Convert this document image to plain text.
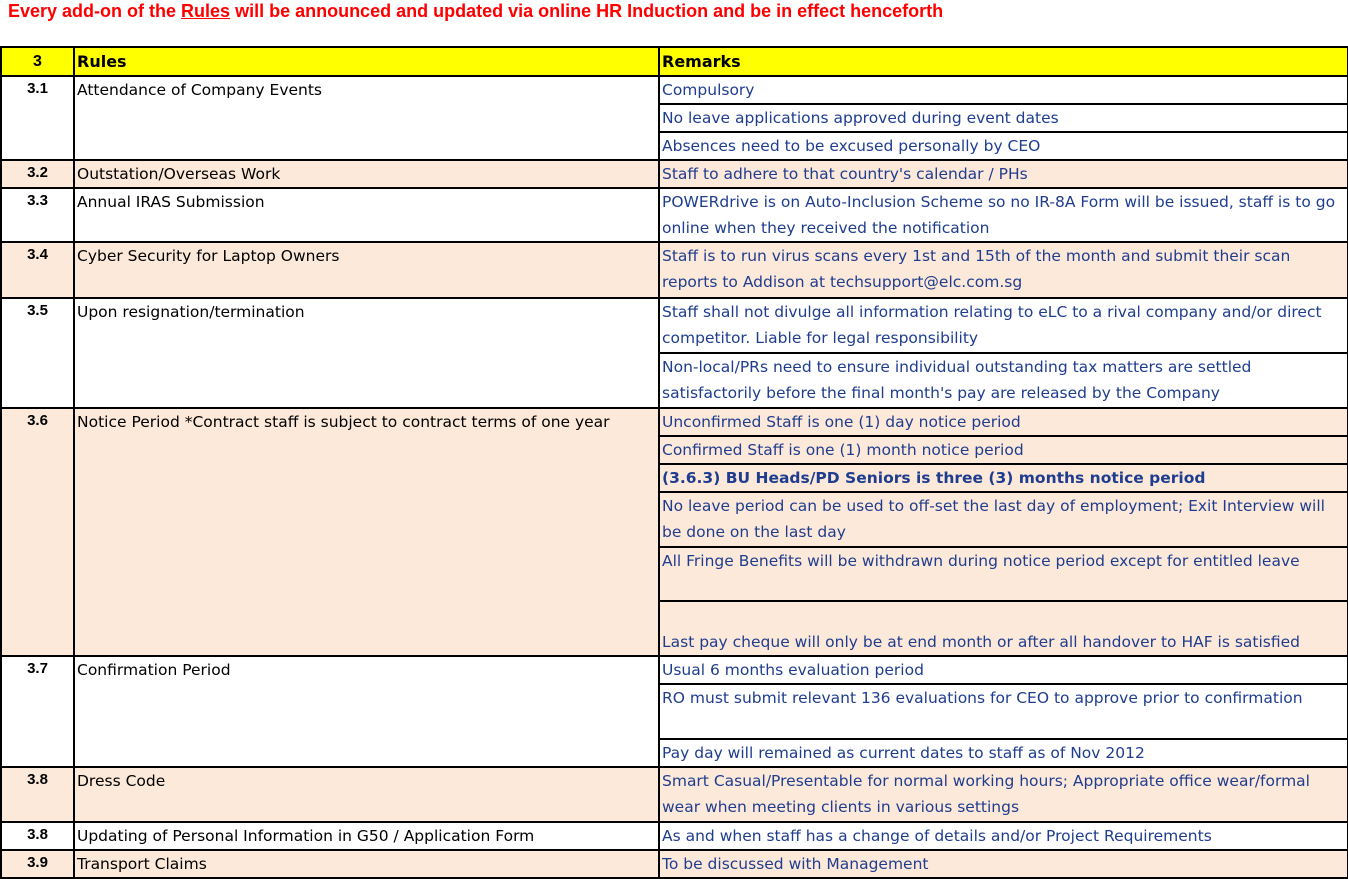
Every add-on of the Rules will be announced and updated via online HR Induction and be in effect henceforth
3	Rules	Remarks
3.1	Attendance of Company Events	Compulsory
		No leave applications approved during event dates
		Absences need to be excused personally by CEO
3.2	Outstation/Overseas Work	Staff to adhere to that country's calendar / PHs
3.3	Annual IRAS Submission	POWERdrive is on Auto-Inclusion Scheme so no IR-8A Form will be issued, staff is to go online when they received the notification
3.4	Cyber Security for Laptop Owners	Staff is to run virus scans every 1st and 15th of the month and submit their scan reports to Addison at techsupport@elc.com.sg
3.5	Upon resignation/termination	Staff shall not divulge all information relating to eLC to a rival company and/or direct competitor. Liable for legal responsibility
		Non-local/PRs need to ensure individual outstanding tax matters are settled satisfactorily before the final month's pay are released by the Company
3.6	Notice Period *Contract staff is subject to contract terms of one year	Unconfirmed Staff is one (1) day notice period
		Confirmed Staff is one (1) month notice period
		(3.6.3) BU Heads/PD Seniors is three (3) months notice period
		No leave period can be used to off-set the last day of employment; Exit Interview will be done on the last day
		All Fringe Benefits will be withdrawn during notice period except for entitled leave
		Last pay cheque will only be at end month or after all handover to HAF is satisfied
3.7	Confirmation Period	Usual 6 months evaluation period
		RO must submit relevant 136 evaluations for CEO to approve prior to confirmation
		Pay day will remained as current dates to staff as of Nov 2012
3.8	Dress Code	Smart Casual/Presentable for normal working hours; Appropriate office wear/formal wear when meeting clients in various settings
3.8	Updating of Personal Information in G50 / Application Form	As and when staff has a change of details and/or Project Requirements
3.9	Transport Claims	To be discussed with Management
